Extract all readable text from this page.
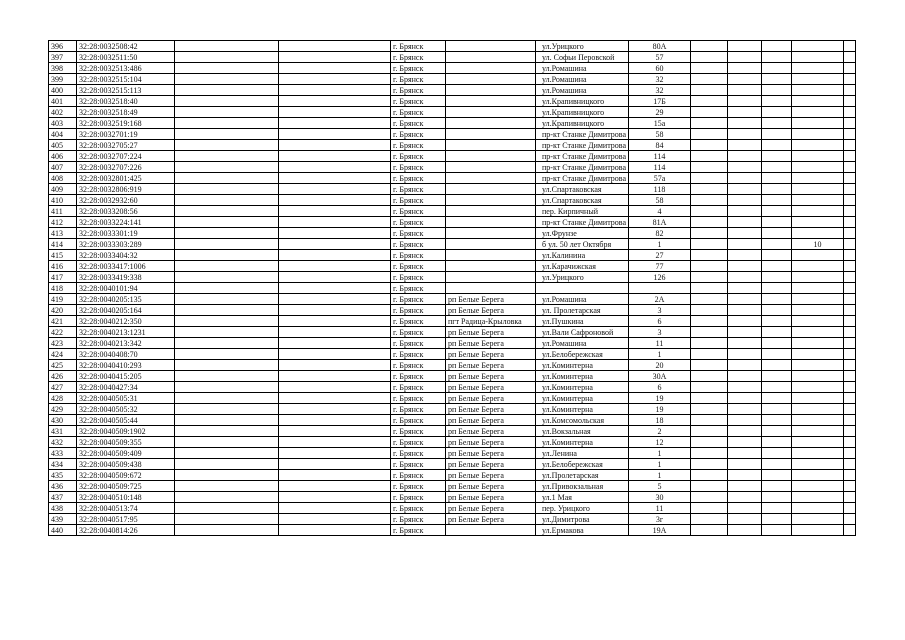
396	32:28:0032508:42			г. Брянск		ул.Урицкого	80А					
397	32:28:0032511:50			г. Брянск		ул. Софьи Перовской	57					
398	32:28:0032513:486			г. Брянск		ул.Ромашина	60					
399	32:28:0032515:104			г. Брянск		ул.Ромашина	32					
400	32:28:0032515:113			г. Брянск		ул.Ромашина	32					
401	32:28:0032518:40			г. Брянск		ул.Крапивницкого	17Б					
402	32:28:0032518:49			г. Брянск		ул.Крапивницкого	29					
403	32:28:0032519:168			г. Брянск		ул.Крапивницкого	15а					
404	32:28:0032701:19			г. Брянск		пр-кт Станке Димитрова	58					
405	32:28:0032705:27			г. Брянск		пр-кт Станке Димитрова	84					
406	32:28:0032707:224			г. Брянск		пр-кт Станке Димитрова	114					
407	32:28:0032707:226			г. Брянск		пр-кт Станке Димитрова	114					
408	32:28:0032801:425			г. Брянск		пр-кт Станке Димитрова	57а					
409	32:28:0032806:919			г. Брянск		ул.Спартаковская	118					
410	32:28:0032932:60			г. Брянск		ул.Спартаковская	58					
411	32:28:0033208:56			г. Брянск		пер. Кирпичный	4					
412	32:28:0033224:141			г. Брянск		пр-кт Станке Димитрова	81А					
413	32:28:0033301:19			г. Брянск		ул.Фрунзе	82					
414	32:28:0033303:289			г. Брянск		б ул. 50 лет Октября	1				10	
415	32:28:0033404:32			г. Брянск		ул.Калинина	27					
416	32:28:0033417:1006			г. Брянск		ул.Карачижская	77					
417	32:28:0033419:338			г. Брянск		ул.Урицкого	126					
418	32:28:0040101:94			г. Брянск								
419	32:28:0040205:135			г. Брянск	рп Белые Берега	ул.Ромашина	2А					
420	32:28:0040205:164			г. Брянск	рп Белые Берега	ул. Пролетарская	3					
421	32:28:0040212:350			г. Брянск	пгт Радица-Крыловка	ул.Пушкина	6					
422	32:28:0040213:1231			г. Брянск	рп Белые Берега	ул.Вали Сафроновой	3					
423	32:28:0040213:342			г. Брянск	рп Белые Берега	ул.Ромашина	11					
424	32:28:0040408:70			г. Брянск	рп Белые Берега	ул.Белобережская	1					
425	32:28:0040410:293			г. Брянск	рп Белые Берега	ул.Коминтерна	20					
426	32:28:0040415:205			г. Брянск	рп Белые Берега	ул.Коминтерна	30А					
427	32:28:0040427:34			г. Брянск	рп Белые Берега	ул.Коминтерна	6					
428	32:28:0040505:31			г. Брянск	рп Белые Берега	ул.Коминтерна	19					
429	32:28:0040505:32			г. Брянск	рп Белые Берега	ул.Коминтерна	19					
430	32:28:0040505:44			г. Брянск	рп Белые Берега	ул.Комсомольская	18					
431	32:28:0040509:1902			г. Брянск	рп Белые Берега	ул.Вокзальная	2					
432	32:28:0040509:355			г. Брянск	рп Белые Берега	ул.Коминтерна	12					
433	32:28:0040509:409			г. Брянск	рп Белые Берега	ул.Ленина	1					
434	32:28:0040509:438			г. Брянск	рп Белые Берега	ул.Белобережская	1					
435	32:28:0040509:672			г. Брянск	рп Белые Берега	ул.Пролетарская	1					
436	32:28:0040509:725			г. Брянск	рп Белые Берега	ул.Привокзальная	5					
437	32:28:0040510:148			г. Брянск	рп Белые Берега	ул.1 Мая	30					
438	32:28:0040513:74			г. Брянск	рп Белые Берега	пер. Урицкого	11					
439	32:28:0040517:95			г. Брянск	рп Белые Берега	ул.Димитрова	3г					
440	32:28:0040814:26			г. Брянск		ул.Ермакова	19А					
